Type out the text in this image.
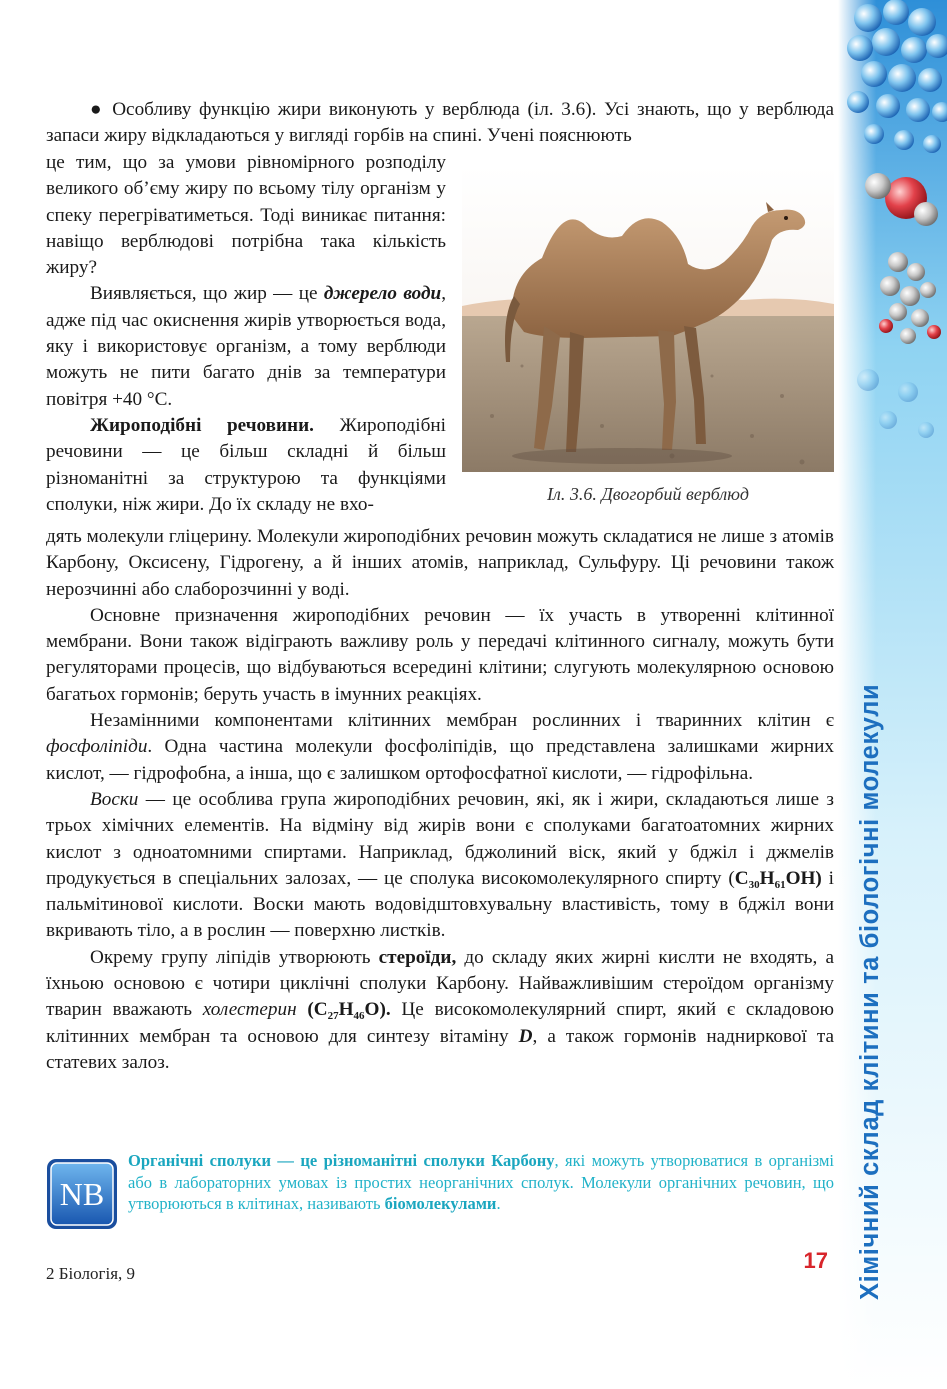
Хімічний склад клітини та біологічні молекули

● Особливу функцію жири виконують у верблюда (іл. 3.6). Усі знають, що у верблюда запаси жиру відкладаються у вигляді горбів на спині. Учені пояснюють

це тим, що за умови рівномірного розподілу великого об’єму жиру по всьому тілу організм у спеку перегріватиметься. Тоді виникає питання: навіщо верблюдові потрібна така кількість жиру?

Виявляється, що жир — це джерело води, адже під час окиснення жирів утворюється вода, яку і використовує організм, а тому верблюди можуть не пити багато днів за температури повітря +40 °С.

Жироподібні речовини. Жироподібні речовини — це більш складні й більш різноманітні за структурою та функціями сполуки, ніж жири. До їх складу не вхо-	Іл. 3.6. Двогорбий верблюд

дять молекули гліцерину. Молекули жироподібних речовин можуть складатися не лише з атомів Карбону, Оксисену, Гідрогену, а й інших атомів, наприклад, Сульфуру. Ці речовини також нерозчинні або слаборозчинні у воді.

Основне призначення жироподібних речовин — їх участь в утворенні клітинної мембрани. Вони також відіграють важливу роль у передачі клітинного сигналу, можуть бути регуляторами процесів, що відбуваються всередині клітини; слугують молекулярною основою багатьох гормонів; беруть участь в імунних реакціях.

Незамінними компонентами клітинних мембран рослинних і тваринних клітин є фосфоліпіди. Одна частина молекули фосфоліпідів, що представлена залишками жирних кислот, — гідрофобна, а інша, що є залишком ортофосфатної кислоти, — гідрофільна.

Воски — це особлива група жироподібних речовин, які, як і жири, складаються лише з трьох хімічних елементів. На відміну від жирів вони є сполуками багатоатомних жирних кислот з одноатомними спиртами. Наприклад, бджолиний віск, який у бджіл і джмелів продукується в спеціальних залозах, — це сполука високомолекулярного спирту $(С_{30}Н_{61}ОН)$ і пальмітинової кислоти. Воски мають водовідштовхувальну властивість, тому в бджіл вони вкривають тіло, а в рослин — поверхню листків.

Окрему групу ліпідів утворюють стероїди, до складу яких жирні кислти не входять, а їхньою основою є чотири циклічні сполуки Карбону. Найважливішим стероїдом організму тварин вважають холестерин $(С_{27}Н_{46}О)$. Це високомолекулярний спирт, який є складовою клітинних мембран та основою для синтезу вітаміну D, а також гормонів надниркової та статевих залоз.

NB
Органічні сполуки — це різноманітні сполуки Карбону, які можуть утворюватися в організмі або в лабораторних умовах із простих неорганічних сполук. Молекули органічних речовин, що утворюються в клітинах, називають біомолекулами.
2 Біологія, 9
17
